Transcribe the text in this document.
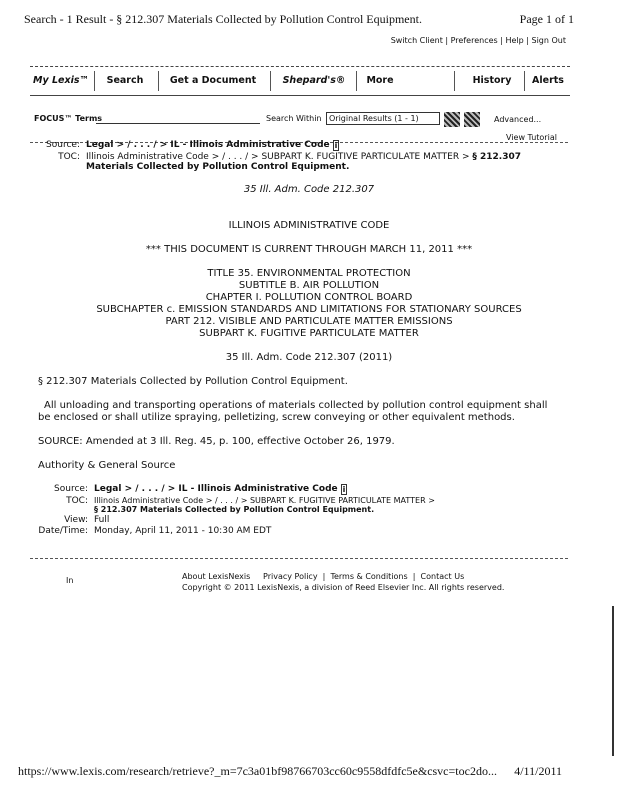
Search - 1 Result - § 212.307 Materials Collected by Pollution Control Equipment.	Page 1 of 1
Switch Client | Preferences | Help | Sign Out
My Lexis™	Search	Get a Document	Shepard's®	More	History	Alerts
FOCUS™ Terms	Search Within Original Results (1 - 1)	Advanced...
View Tutorial
Source: Legal > / . . . / > IL - Illinois Administrative Code i
TOC: Illinois Administrative Code > / . . . / > SUBPART K. FUGITIVE PARTICULATE MATTER > § 212.307 Materials Collected by Pollution Control Equipment.
35 Ill. Adm. Code 212.307
ILLINOIS ADMINISTRATIVE CODE
*** THIS DOCUMENT IS CURRENT THROUGH MARCH 11, 2011 ***
TITLE 35. ENVIRONMENTAL PROTECTION
SUBTITLE B. AIR POLLUTION
CHAPTER I. POLLUTION CONTROL BOARD
SUBCHAPTER c. EMISSION STANDARDS AND LIMITATIONS FOR STATIONARY SOURCES
PART 212. VISIBLE AND PARTICULATE MATTER EMISSIONS
SUBPART K. FUGITIVE PARTICULATE MATTER
35 Ill. Adm. Code 212.307 (2011)
§ 212.307 Materials Collected by Pollution Control Equipment.
All unloading and transporting operations of materials collected by pollution control equipment shall
be enclosed or shall utilize spraying, pelletizing, screw conveying or other equivalent methods.
SOURCE: Amended at 3 Ill. Reg. 45, p. 100, effective October 26, 1979.
Authority & General Source
Source: Legal > / . . . / > IL - Illinois Administrative Code i
TOC: Illinois Administrative Code > / . . . / > SUBPART K. FUGITIVE PARTICULATE MATTER >
§ 212.307 Materials Collected by Pollution Control Equipment.
View: Full
Date/Time: Monday, April 11, 2011 - 10:30 AM EDT
In	About LexisNexis Privacy Policy  |  Terms & Conditions  |  Contact Us
Copyright © 2011 LexisNexis, a division of Reed Elsevier Inc. All rights reserved.
https://www.lexis.com/research/retrieve?_m=7c3a01bf98766703cc60c9558dfdfc5e&csvc=toc2do... 4/11/2011
